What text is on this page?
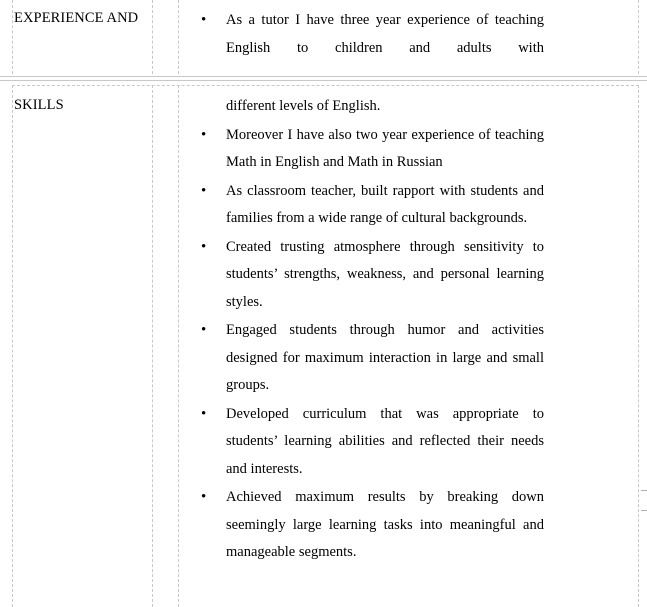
EXPERIENCE AND
•	As a tutor I have three year experience of teaching English to children and adults with
SKILLS	different levels of English.
• Moreover I have also two year experience of teaching Math in English and Math in Russian
• As classroom teacher, built rapport with students and families from a wide range of cultural backgrounds.
• Created trusting atmosphere through sensitivity to students’ strengths, weakness, and personal learning styles.
• Engaged students through humor and activities designed for maximum interaction in large and small groups.
• Developed curriculum that was appropriate to students’ learning abilities and reflected their needs and interests.
• Achieved maximum results by breaking down seemingly large learning tasks into meaningful and manageable segments.
